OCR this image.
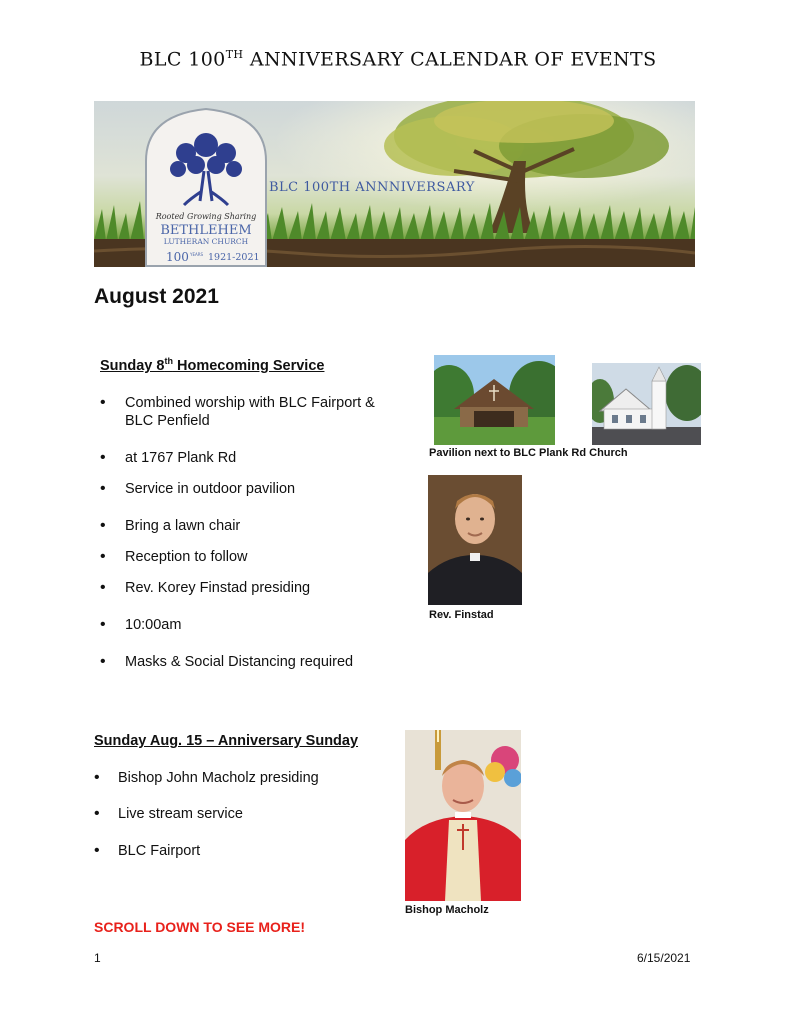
BLC 100TH ANNIVERSARY CALENDAR OF EVENTS
Rooted Growing Sharing
BETHLEHEM
LUTHERAN CHURCH
100 YEARS 1921-2021
BLC 100TH ANNNIVERSARY
August 2021
Sunday 8th Homecoming Service
•
Combined worship with BLC Fairport & BLC Penfield
•
at 1767 Plank Rd
•
Service in outdoor pavilion
•
Bring a lawn chair
•
Reception to follow
•
Rev. Korey Finstad presiding
•
10:00am
•
Masks & Social Distancing required
Pavilion next to BLC Plank Rd Church
Rev. Finstad
Sunday Aug. 15 – Anniversary Sunday
•
Bishop John Macholz presiding
•
Live stream service
•
BLC Fairport
Bishop Macholz
SCROLL DOWN TO SEE MORE!
1	6/15/2021
